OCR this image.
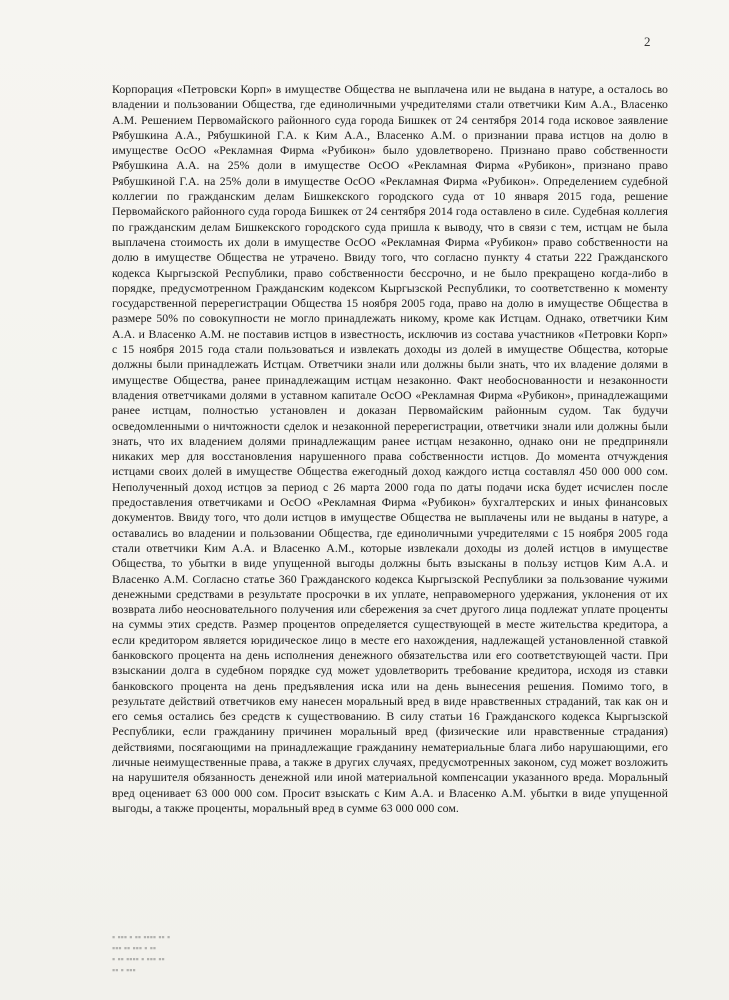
2

Корпорация «Петровски Корп» в имуществе Общества не выплачена или не выдана в натуре, а осталось во владении и пользовании Общества, где единоличными учредителями стали ответчики Ким А.А., Власенко А.М. Решением Первомайского районного суда города Бишкек от 24 сентября 2014 года исковое заявление Рябушкина А.А., Рябушкиной Г.А. к Ким А.А., Власенко А.М. о признании права истцов на долю в имуществе ОсОО «Рекламная Фирма «Рубикон» было удовлетворено. Признано право собственности Рябушкина А.А. на 25% доли в имуществе ОсОО «Рекламная Фирма «Рубикон», признано право Рябушкиной Г.А. на 25% доли в имуществе ОсОО «Рекламная Фирма «Рубикон». Определением судебной коллегии по гражданским делам Бишкекского городского суда от 10 января 2015 года, решение Первомайского районного суда города Бишкек от 24 сентября 2014 года оставлено в силе. Судебная коллегия по гражданским делам Бишкекского городского суда пришла к выводу, что в связи с тем, истцам не была выплачена стоимость их доли в имуществе ОсОО «Рекламная Фирма «Рубикон» право собственности на долю в имуществе Общества не утрачено. Ввиду того, что согласно пункту 4 статьи 222 Гражданского кодекса Кыргызской Республики, право собственности бессрочно, и не было прекращено когда-либо в порядке, предусмотренном Гражданским кодексом Кыргызской Республики, то соответственно к моменту государственной перерегистрации Общества 15 ноября 2005 года, право на долю в имуществе Общества в размере 50% по совокупности не могло принадлежать никому, кроме как Истцам. Однако, ответчики Ким А.А. и Власенко А.М. не поставив истцов в известность, исключив из состава участников «Петровки Корп» с 15 ноября 2015 года стали пользоваться и извлекать доходы из долей в имуществе Общества, которые должны были принадлежать Истцам. Ответчики знали или должны были знать, что их владение долями в имуществе Общества, ранее принадлежащим истцам незаконно. Факт необоснованности и незаконности владения ответчиками долями в уставном капитале ОсОО «Рекламная Фирма «Рубикон», принадлежащими ранее истцам, полностью установлен и доказан Первомайским районным судом. Так будучи осведомленными о ничтожности сделок и незаконной перерегистрации, ответчики знали или должны были знать, что их владением долями принадлежащим ранее истцам незаконно, однако они не предприняли никаких мер для восстановления нарушенного права собственности истцов. До момента отчуждения истцами своих долей в имуществе Общества ежегодный доход каждого истца составлял 450 000 000 сом. Неполученный доход истцов за период с 26 марта 2000 года по даты подачи иска будет исчислен после предоставления ответчиками и ОсОО «Рекламная Фирма «Рубикон» бухгалтерских и иных финансовых документов. Ввиду того, что доли истцов в имуществе Общества не выплачены или не выданы в натуре, а оставались во владении и пользовании Общества, где единоличными учредителями с 15 ноября 2005 года стали ответчики Ким А.А. и Власенко А.М., которые извлекали доходы из долей истцов в имуществе Общества, то убытки в виде упущенной выгоды должны быть взысканы в пользу истцов Ким А.А. и Власенко А.М. Согласно статье 360 Гражданского кодекса Кыргызской Республики за пользование чужими денежными средствами в результате просрочки в их уплате, неправомерного удержания, уклонения от их возврата либо неосновательного получения или сбережения за счет другого лица подлежат уплате проценты на суммы этих средств. Размер процентов определяется существующей в месте жительства кредитора, а если кредитором является юридическое лицо в месте его нахождения, надлежащей установленной ставкой банковского процента на день исполнения денежного обязательства или его соответствующей части. При взыскании долга в судебном порядке суд может удовлетворить требование кредитора, исходя из ставки банковского процента на день предъявления иска или на день вынесения решения. Помимо того, в результате действий ответчиков ему нанесен моральный вред в виде нравственных страданий, так как он и его семья остались без средств к существованию. В силу статьи 16 Гражданского кодекса Кыргызской Республики, если гражданину причинен моральный вред (физические или нравственные страдания) действиями, посягающими на принадлежащие гражданину нематериальные блага либо нарушающими, его личные неимущественные права, а также в других случаях, предусмотренных законом, суд может возложить на нарушителя обязанность денежной или иной материальной компенсации указанного вреда. Моральный вред оценивает 63 000 000 сом. Просит взыскать с Ким А.А. и Власенко А.М. убытки в виде упущенной выгоды, а также проценты, моральный вред в сумме 63 000 000 сом.

▪ ▪▪▪ ▪ ▪▪ ▪▪▪▪ ▪▪ ▪
▪▪▪ ▪▪ ▪▪▪ ▪ ▪▪
▪ ▪▪ ▪▪▪▪ ▪ ▪▪▪ ▪▪
▪▪ ▪ ▪▪▪
